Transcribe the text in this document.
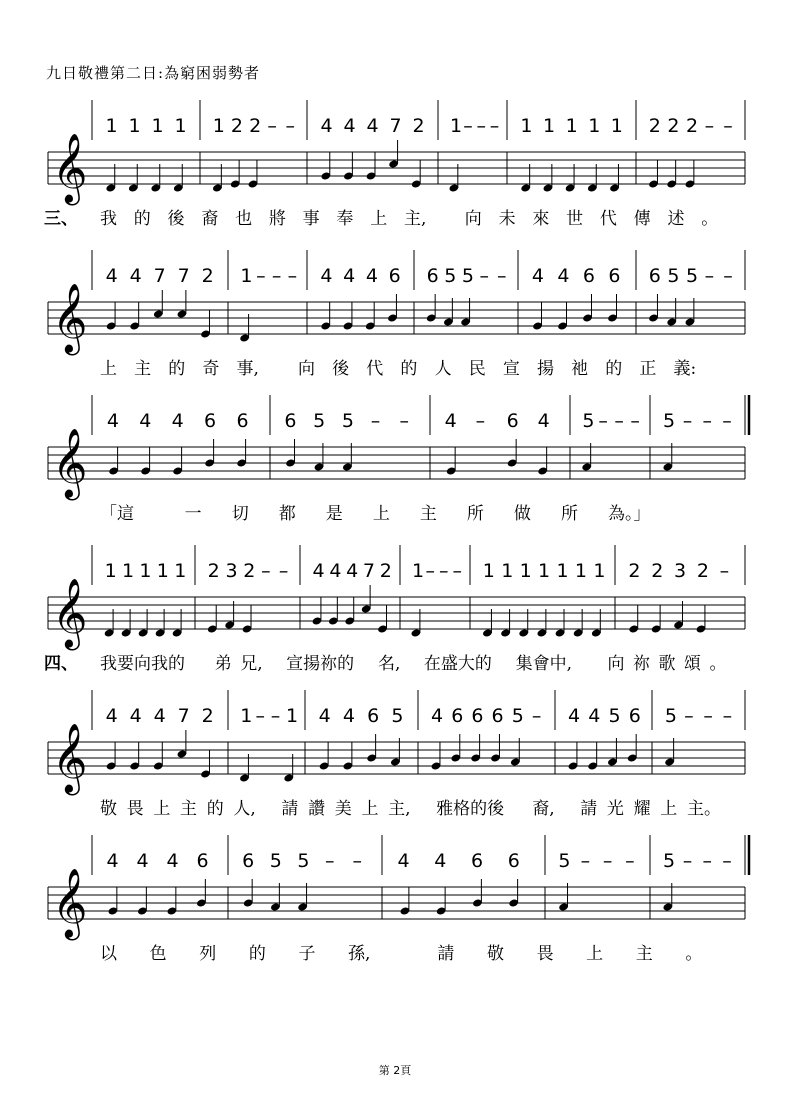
九日敬禮第二日:為窮困弱勢者
1 1 1 1 1 2 2 – – 4 4 4 7 2 1 – – – 1 1 1 1 1 2 2 2 – –
𝄞
三、 我 的 後 裔 也 將 事 奉 上 主, 向 未 來 世 代 傳 述 。
4 4 7 7 2 1 – – – 4 4 4 6 6 5 5 – – 4 4 6 6 6 5 5 – –
𝄞
上 主 的 奇 事, 向 後 代 的 人 民 宣 揚 祂 的 正 義:
4 4 4 6 6 6 5 5 – – 4 – 6 4 5 – – – 5 – – –
𝄞
「這	一 切 都 是 上 主 所 做 所 為。」
1 1 1 1 1 2 3 2 – – 4 4 4 7 2 1 – – – 1 1 1 1 1 1 1 2 2 3 2 –
𝄞
四、 我要向我的 弟 兄, 宣揚祢的 名, 在盛大的 集會中, 向 祢 歌 頌 。
4 4 4 7 2 1 – – 1 4 4 6 5 4 6 6 6 5 – 4 4 5 6 5 – – –
𝄞
敬 畏 上 主 的 人, 請 讚 美 上 主, 雅格的後 裔, 請 光 耀 上 主。
4 4 4 6 6 5 5 – – 4 4 6 6 5 – – – 5 – – –
𝄞
以 色 列 的 子 孫,	請 敬 畏 上 主 。
第 2頁
